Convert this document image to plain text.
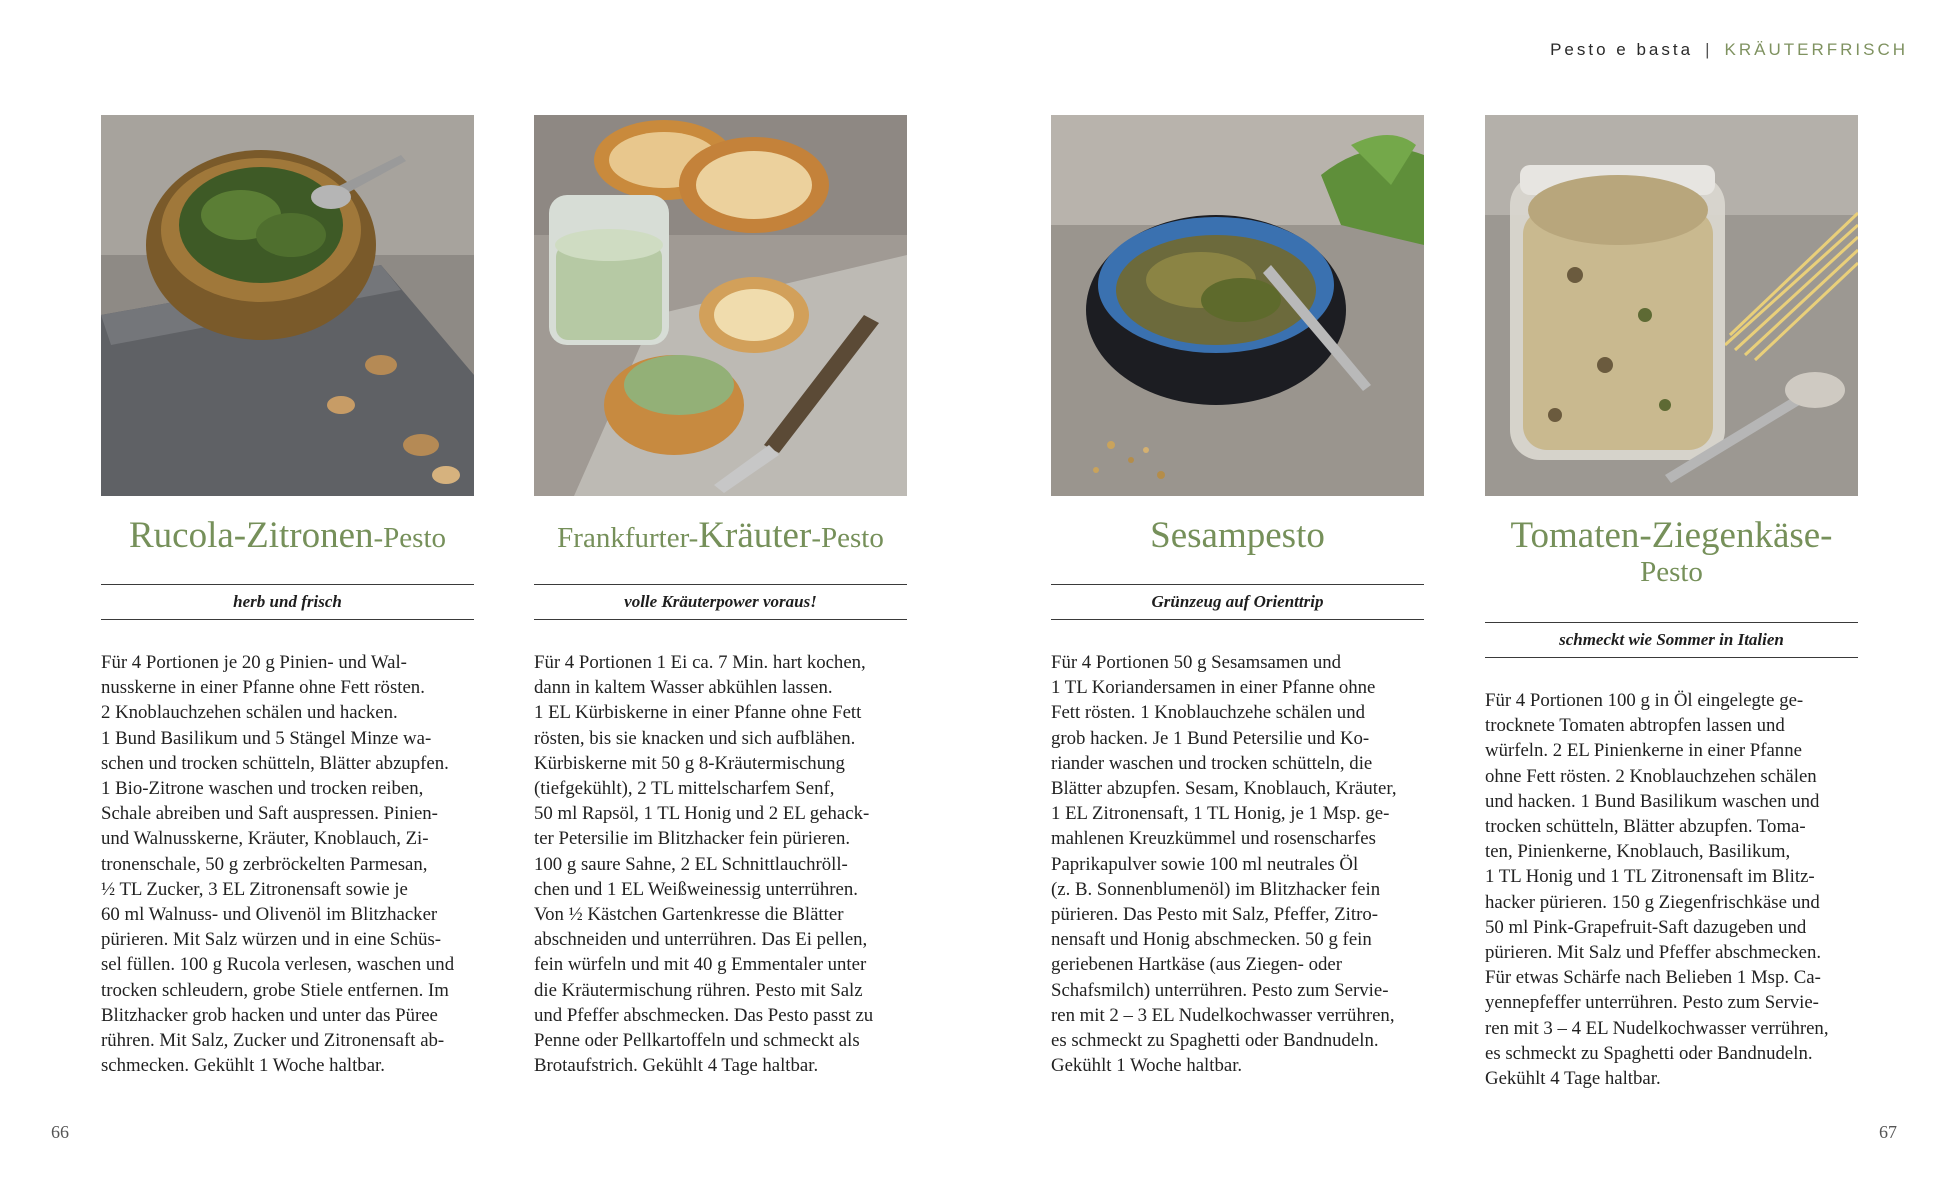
Pesto e basta | KRÄUTERFRISCH
Rucola-Zitronen-Pesto
herb und frisch
Für 4 Portionen je 20 g Pinien- und Wal-
nusskerne in einer Pfanne ohne Fett rösten.
2 Knoblauchzehen schälen und hacken.
1 Bund Basilikum und 5 Stängel Minze wa-
schen und trocken schütteln, Blätter abzupfen.
1 Bio-Zitrone waschen und trocken reiben,
Schale abreiben und Saft auspressen. Pinien-
und Walnusskerne, Kräuter, Knoblauch, Zi-
tronenschale, 50 g zerbröckelten Parmesan,
½ TL Zucker, 3 EL Zitronensaft sowie je
60 ml Walnuss- und Olivenöl im Blitzhacker
pürieren. Mit Salz würzen und in eine Schüs-
sel füllen. 100 g Rucola verlesen, waschen und
trocken schleudern, grobe Stiele entfernen. Im
Blitzhacker grob hacken und unter das Püree
rühren. Mit Salz, Zucker und Zitronensaft ab-
schmecken. Gekühlt 1 Woche haltbar.
Frankfurter-Kräuter-Pesto
volle Kräuterpower voraus!
Für 4 Portionen 1 Ei ca. 7 Min. hart kochen,
dann in kaltem Wasser abkühlen lassen.
1 EL Kürbiskerne in einer Pfanne ohne Fett
rösten, bis sie knacken und sich aufblähen.
Kürbiskerne mit 50 g 8-Kräutermischung
(tiefgekühlt), 2 TL mittelscharfem Senf,
50 ml Rapsöl, 1 TL Honig und 2 EL gehack-
ter Petersilie im Blitzhacker fein pürieren.
100 g saure Sahne, 2 EL Schnittlauchröll-
chen und 1 EL Weißweinessig unterrühren.
Von ½ Kästchen Gartenkresse die Blätter
abschneiden und unterrühren. Das Ei pellen,
fein würfeln und mit 40 g Emmentaler unter
die Kräutermischung rühren. Pesto mit Salz
und Pfeffer abschmecken. Das Pesto passt zu
Penne oder Pellkartoffeln und schmeckt als
Brotaufstrich. Gekühlt 4 Tage haltbar.
Sesampesto
Grünzeug auf Orienttrip
Für 4 Portionen 50 g Sesamsamen und
1 TL Koriandersamen in einer Pfanne ohne
Fett rösten. 1 Knoblauchzehe schälen und
grob hacken. Je 1 Bund Petersilie und Ko-
riander waschen und trocken schütteln, die
Blätter abzupfen. Sesam, Knoblauch, Kräuter,
1 EL Zitronensaft, 1 TL Honig, je 1 Msp. ge-
mahlenen Kreuzkümmel und rosenscharfes
Paprikapulver sowie 100 ml neutrales Öl
(z. B. Sonnenblumenöl) im Blitzhacker fein
pürieren. Das Pesto mit Salz, Pfeffer, Zitro-
nensaft und Honig abschmecken. 50 g fein
geriebenen Hartkäse (aus Ziegen- oder
Schafsmilch) unterrühren. Pesto zum Servie-
ren mit 2 – 3 EL Nudelkochwasser verrühren,
es schmeckt zu Spaghetti oder Bandnudeln.
Gekühlt 1 Woche haltbar.
Tomaten-Ziegenkäse-
Pesto
schmeckt wie Sommer in Italien
Für 4 Portionen 100 g in Öl eingelegte ge-
trocknete Tomaten abtropfen lassen und
würfeln. 2 EL Pinienkerne in einer Pfanne
ohne Fett rösten. 2 Knoblauchzehen schälen
und hacken. 1 Bund Basilikum waschen und
trocken schütteln, Blätter abzupfen. Toma-
ten, Pinienkerne, Knoblauch, Basilikum,
1 TL Honig und 1 TL Zitronensaft im Blitz-
hacker pürieren. 150 g Ziegenfrischkäse und
50 ml Pink-Grapefruit-Saft dazugeben und
pürieren. Mit Salz und Pfeffer abschmecken.
Für etwas Schärfe nach Belieben 1 Msp. Ca-
yennepfeffer unterrühren. Pesto zum Servie-
ren mit 3 – 4 EL Nudelkochwasser verrühren,
es schmeckt zu Spaghetti oder Bandnudeln.
Gekühlt 4 Tage haltbar.
66	67
